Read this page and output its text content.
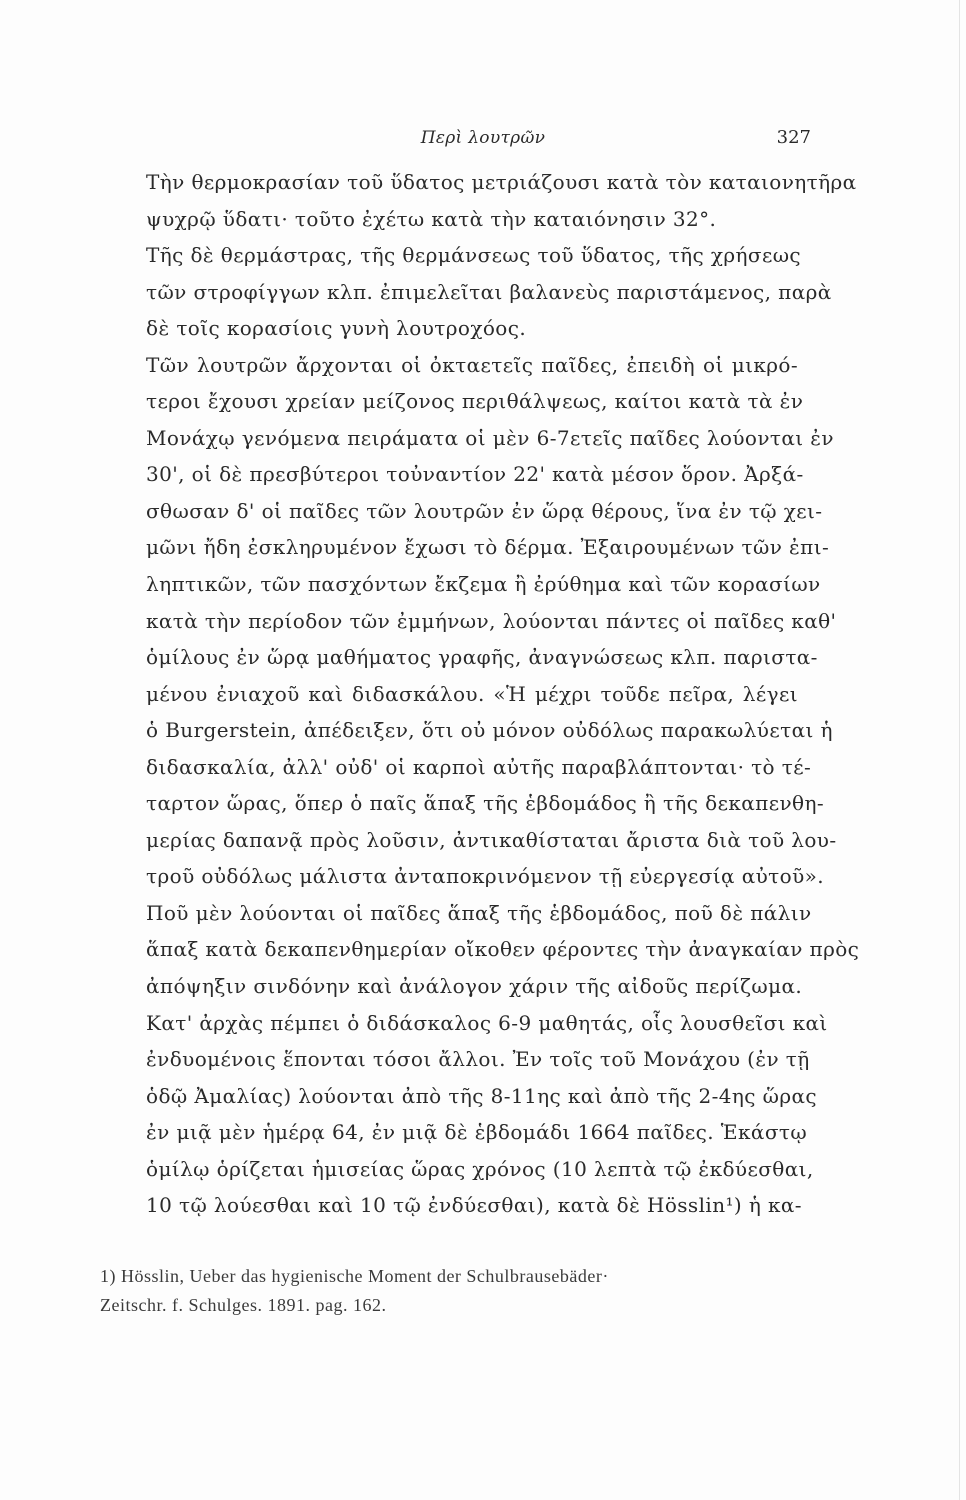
Περὶ λουτρῶν	327
Τὴν θερμοκρασίαν τοῦ ὕδατος μετριάζουσι κατὰ τὸν καταιονητῆρα
ψυχρῷ ὕδατι· τοῦτο ἐχέτω κατὰ τὴν καταιόνησιν 32°.
Τῆς δὲ θερμάστρας, τῆς θερμάνσεως τοῦ ὕδατος, τῆς χρήσεως
τῶν στροφίγγων κλπ. ἐπιμελεῖται βαλανεὺς παριστάμενος, παρὰ
δὲ τοῖς κορασίοις γυνὴ λουτροχόος.
Τῶν λουτρῶν ἄρχονται οἱ ὀκταετεῖς παῖδες, ἐπειδὴ οἱ μικρό-
τεροι ἔχουσι χρείαν μείζονος περιθάλψεως, καίτοι κατὰ τὰ ἐν
Μονάχῳ γενόμενα πειράματα οἱ μὲν 6-7ετεῖς παῖδες λούονται ἐν
30', οἱ δὲ πρεσβύτεροι τοὐναντίον 22' κατὰ μέσον ὅρον. Ἀρξά-
σθωσαν δ' οἱ παῖδες τῶν λουτρῶν ἐν ὥρᾳ θέρους, ἵνα ἐν τῷ χει-
μῶνι ἤδη ἐσκληρυμένον ἔχωσι τὸ δέρμα. Ἐξαιρουμένων τῶν ἐπι-
ληπτικῶν, τῶν πασχόντων ἔκζεμα ἢ ἐρύθημα καὶ τῶν κορασίων
κατὰ τὴν περίοδον τῶν ἐμμήνων, λούονται πάντες οἱ παῖδες καθ'
ὁμίλους ἐν ὥρᾳ μαθήματος γραφῆς, ἀναγνώσεως κλπ. παριστα-
μένου ἐνιαχοῦ καὶ διδασκάλου. «Ἡ μέχρι τοῦδε πεῖρα, λέγει
ὁ Burgerstein, ἀπέδειξεν, ὅτι οὐ μόνον οὐδόλως παρακωλύεται ἡ
διδασκαλία, ἀλλ' οὐδ' οἱ καρποὶ αὐτῆς παραβλάπτονται· τὸ τέ-
ταρτον ὥρας, ὅπερ ὁ παῖς ἅπαξ τῆς ἑβδομάδος ἢ τῆς δεκαπενθη-
μερίας δαπανᾷ πρὸς λοῦσιν, ἀντικαθίσταται ἄριστα διὰ τοῦ λου-
τροῦ οὐδόλως μάλιστα ἀνταποκρινόμενον τῇ εὐεργεσίᾳ αὐτοῦ».
Ποῦ μὲν λούονται οἱ παῖδες ἅπαξ τῆς ἑβδομάδος, ποῦ δὲ πάλιν
ἅπαξ κατὰ δεκαπενθημερίαν οἴκοθεν φέροντες τὴν ἀναγκαίαν πρὸς
ἀπόψηξιν σινδόνην καὶ ἀνάλογον χάριν τῆς αἰδοῦς περίζωμα.
Κατ' ἀρχὰς πέμπει ὁ διδάσκαλος 6-9 μαθητάς, οἷς λουσθεῖσι καὶ
ἐνδυομένοις ἕπονται τόσοι ἄλλοι. Ἐν τοῖς τοῦ Μονάχου (ἐν τῇ
ὁδῷ Ἀμαλίας) λούονται ἀπὸ τῆς 8-11ης καὶ ἀπὸ τῆς 2-4ης ὥρας
ἐν μιᾷ μὲν ἡμέρᾳ 64, ἐν μιᾷ δὲ ἑβδομάδι 1664 παῖδες. Ἑκάστῳ
ὁμίλῳ ὁρίζεται ἡμισείας ὥρας χρόνος (10 λεπτὰ τῷ ἐκδύεσθαι,
10 τῷ λούεσθαι καὶ 10 τῷ ἐνδύεσθαι), κατὰ δὲ Hösslin¹) ἡ κα-
1) Hösslin, Ueber das hygienische Moment der Schulbrausebäder·
Zeitschr. f. Schulges. 1891. pag. 162.
